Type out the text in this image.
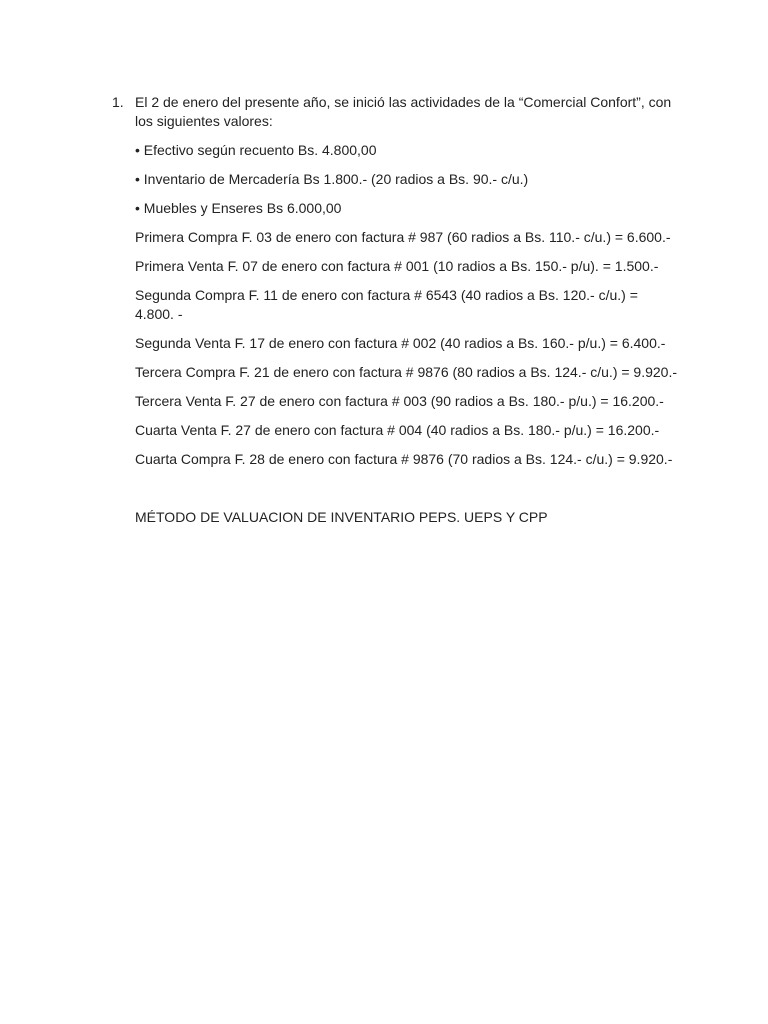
1. El 2 de enero del presente año, se inició las actividades de la “Comercial Confort”, con los siguientes valores:
• Efectivo según recuento Bs. 4.800,00
• Inventario de Mercadería Bs 1.800.- (20 radios a Bs. 90.- c/u.)
• Muebles y Enseres Bs 6.000,00
Primera Compra F. 03 de enero con factura # 987 (60 radios a Bs. 110.- c/u.) = 6.600.-
Primera Venta F. 07 de enero con factura # 001 (10 radios a Bs. 150.- p/u). = 1.500.-
Segunda Compra F. 11 de enero con factura # 6543 (40 radios a Bs. 120.- c/u.) = 4.800. -
Segunda Venta F. 17 de enero con factura # 002 (40 radios a Bs. 160.- p/u.) = 6.400.-
Tercera Compra F. 21 de enero con factura # 9876 (80 radios a Bs. 124.- c/u.) = 9.920.-
Tercera Venta F. 27 de enero con factura # 003 (90 radios a Bs. 180.- p/u.) = 16.200.-
Cuarta Venta F. 27 de enero con factura # 004 (40 radios a Bs. 180.- p/u.) = 16.200.-
Cuarta Compra F. 28 de enero con factura # 9876 (70 radios a Bs. 124.- c/u.) = 9.920.-
MÉTODO DE VALUACION DE INVENTARIO PEPS. UEPS Y CPP
